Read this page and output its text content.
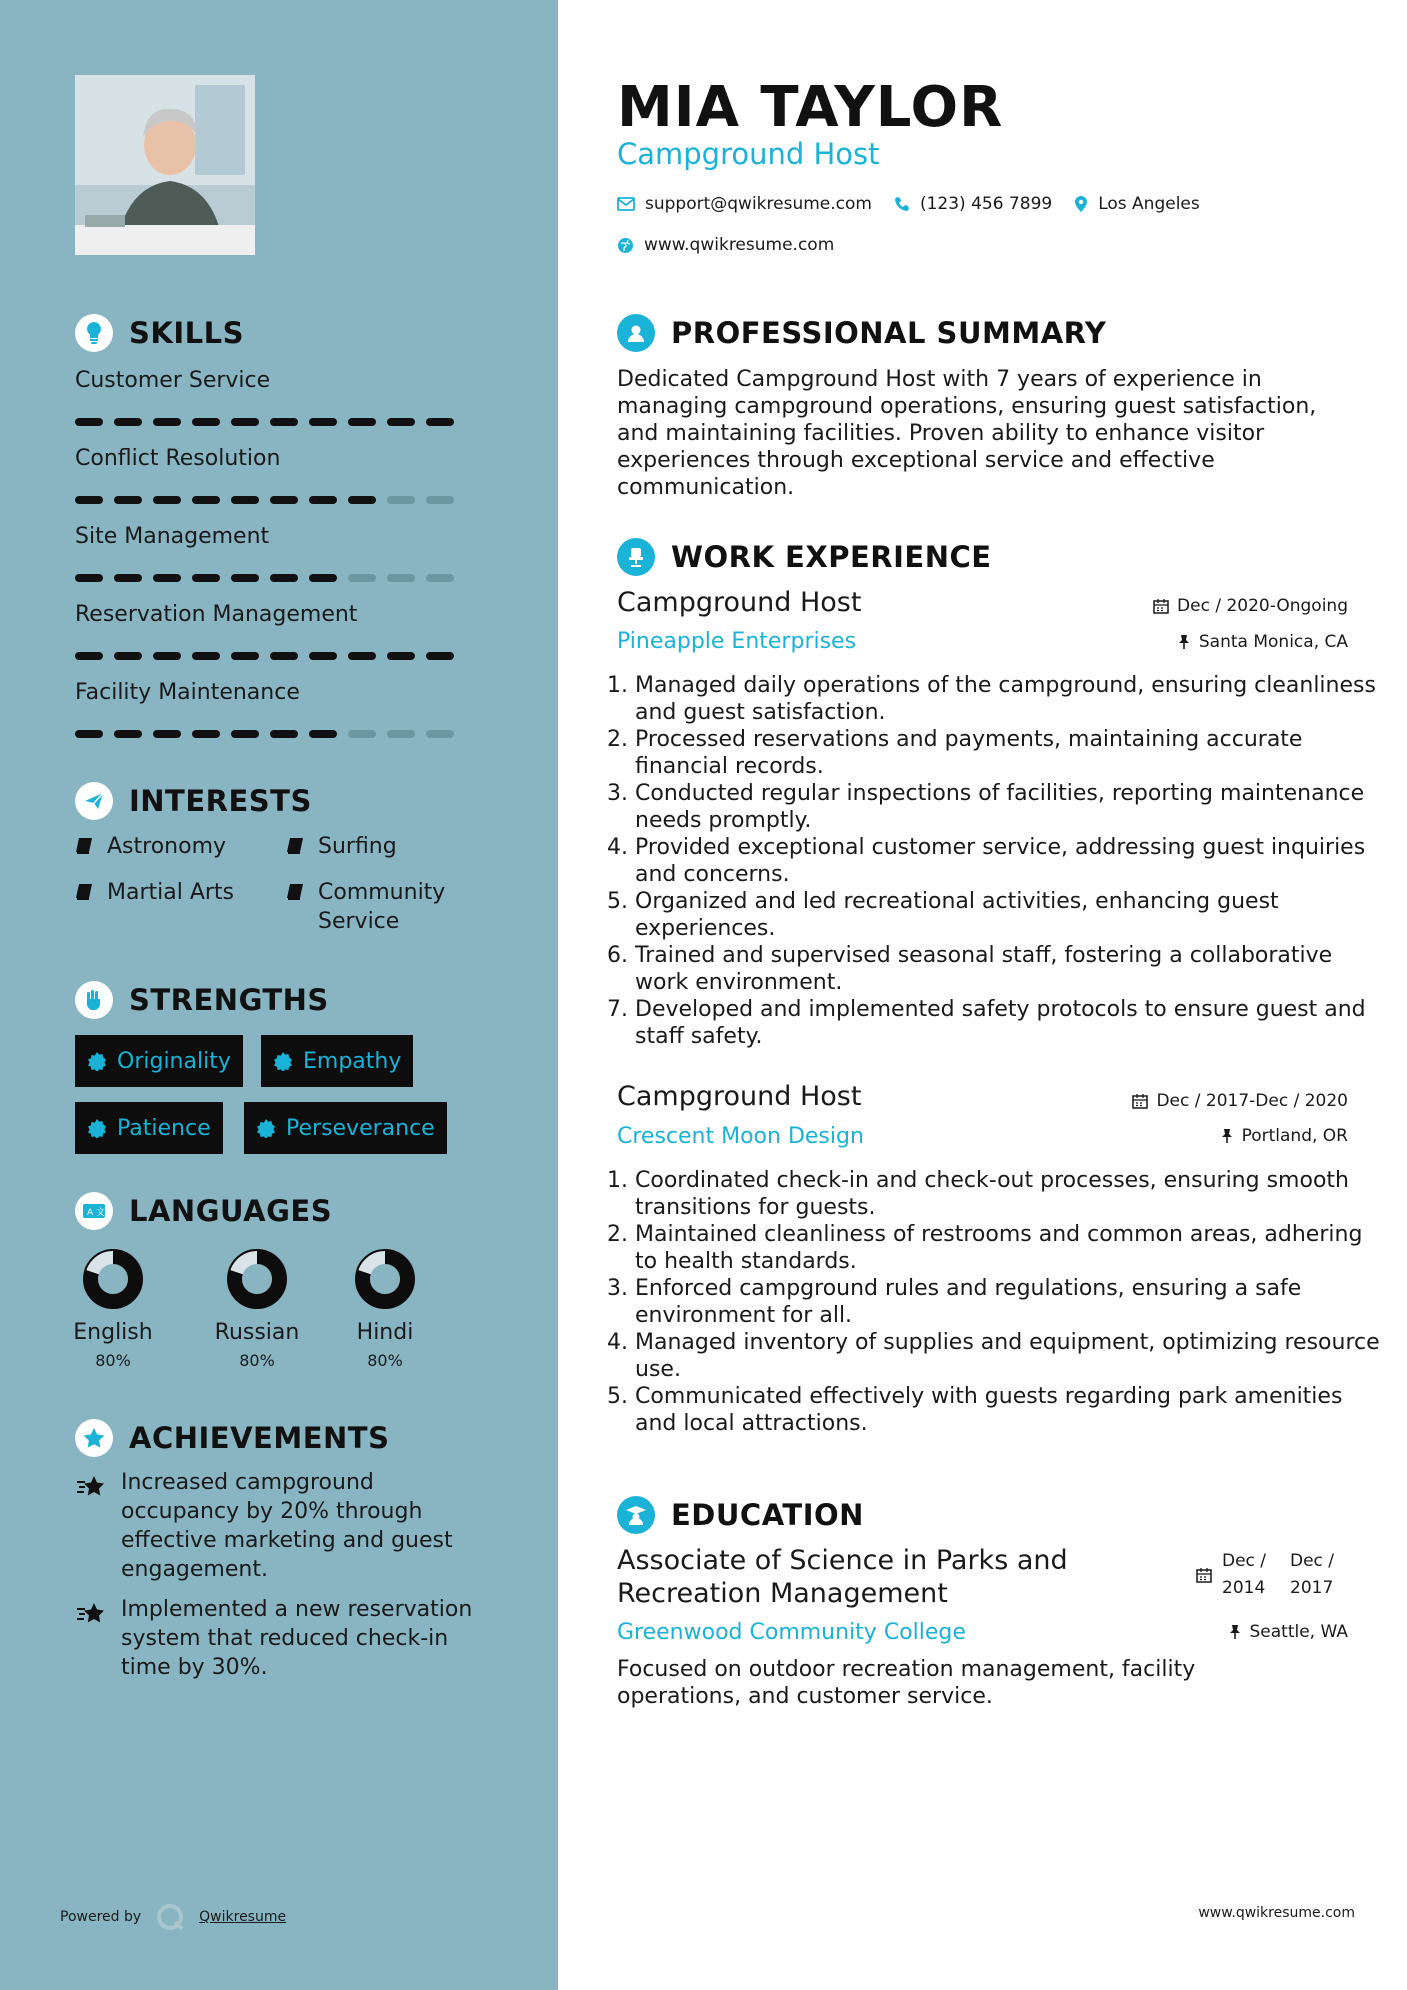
SKILLS
Customer Service
Conflict Resolution
Site Management
Reservation Management
Facility Maintenance
INTERESTS
Astronomy	Surfing
Martial Arts	Community Service
STRENGTHS
Originality	Empathy
Patience	Perseverance
A 文 LANGUAGES
English
80%
Russian
80%
Hindi
80%
ACHIEVEMENTS
Increased campground occupancy by 20% through effective marketing and guest engagement.
Implemented a new reservation system that reduced check-in time by 30%.
Powered by	Qwikresume
MIA TAYLOR
Campground Host
support@qwikresume.com	(123) 456 7899	Los Angeles
www.qwikresume.com
PROFESSIONAL SUMMARY
Dedicated Campground Host with 7 years of experience in managing campground operations, ensuring guest satisfaction, and maintaining facilities. Proven ability to enhance visitor experiences through exceptional service and effective communication.
WORK EXPERIENCE
Campground Host	Dec / 2020-Ongoing
Pineapple Enterprises	Santa Monica, CA
1. Managed daily operations of the campground, ensuring cleanliness and guest satisfaction.
2. Processed reservations and payments, maintaining accurate financial records.
3. Conducted regular inspections of facilities, reporting maintenance needs promptly.
4. Provided exceptional customer service, addressing guest inquiries and concerns.
5. Organized and led recreational activities, enhancing guest experiences.
6. Trained and supervised seasonal staff, fostering a collaborative work environment.
7. Developed and implemented safety protocols to ensure guest and staff safety.
Campground Host	Dec / 2017-Dec / 2020
Crescent Moon Design	Portland, OR
1. Coordinated check-in and check-out processes, ensuring smooth transitions for guests.
2. Maintained cleanliness of restrooms and common areas, adhering to health standards.
3. Enforced campground rules and regulations, ensuring a safe environment for all.
4. Managed inventory of supplies and equipment, optimizing resource use.
5. Communicated effectively with guests regarding park amenities and local attractions.
EDUCATION
Associate of Science in Parks and Recreation Management
Dec / 2014
Dec / 2017
Greenwood Community College	Seattle, WA
Focused on outdoor recreation management, facility operations, and customer service.
www.qwikresume.com
